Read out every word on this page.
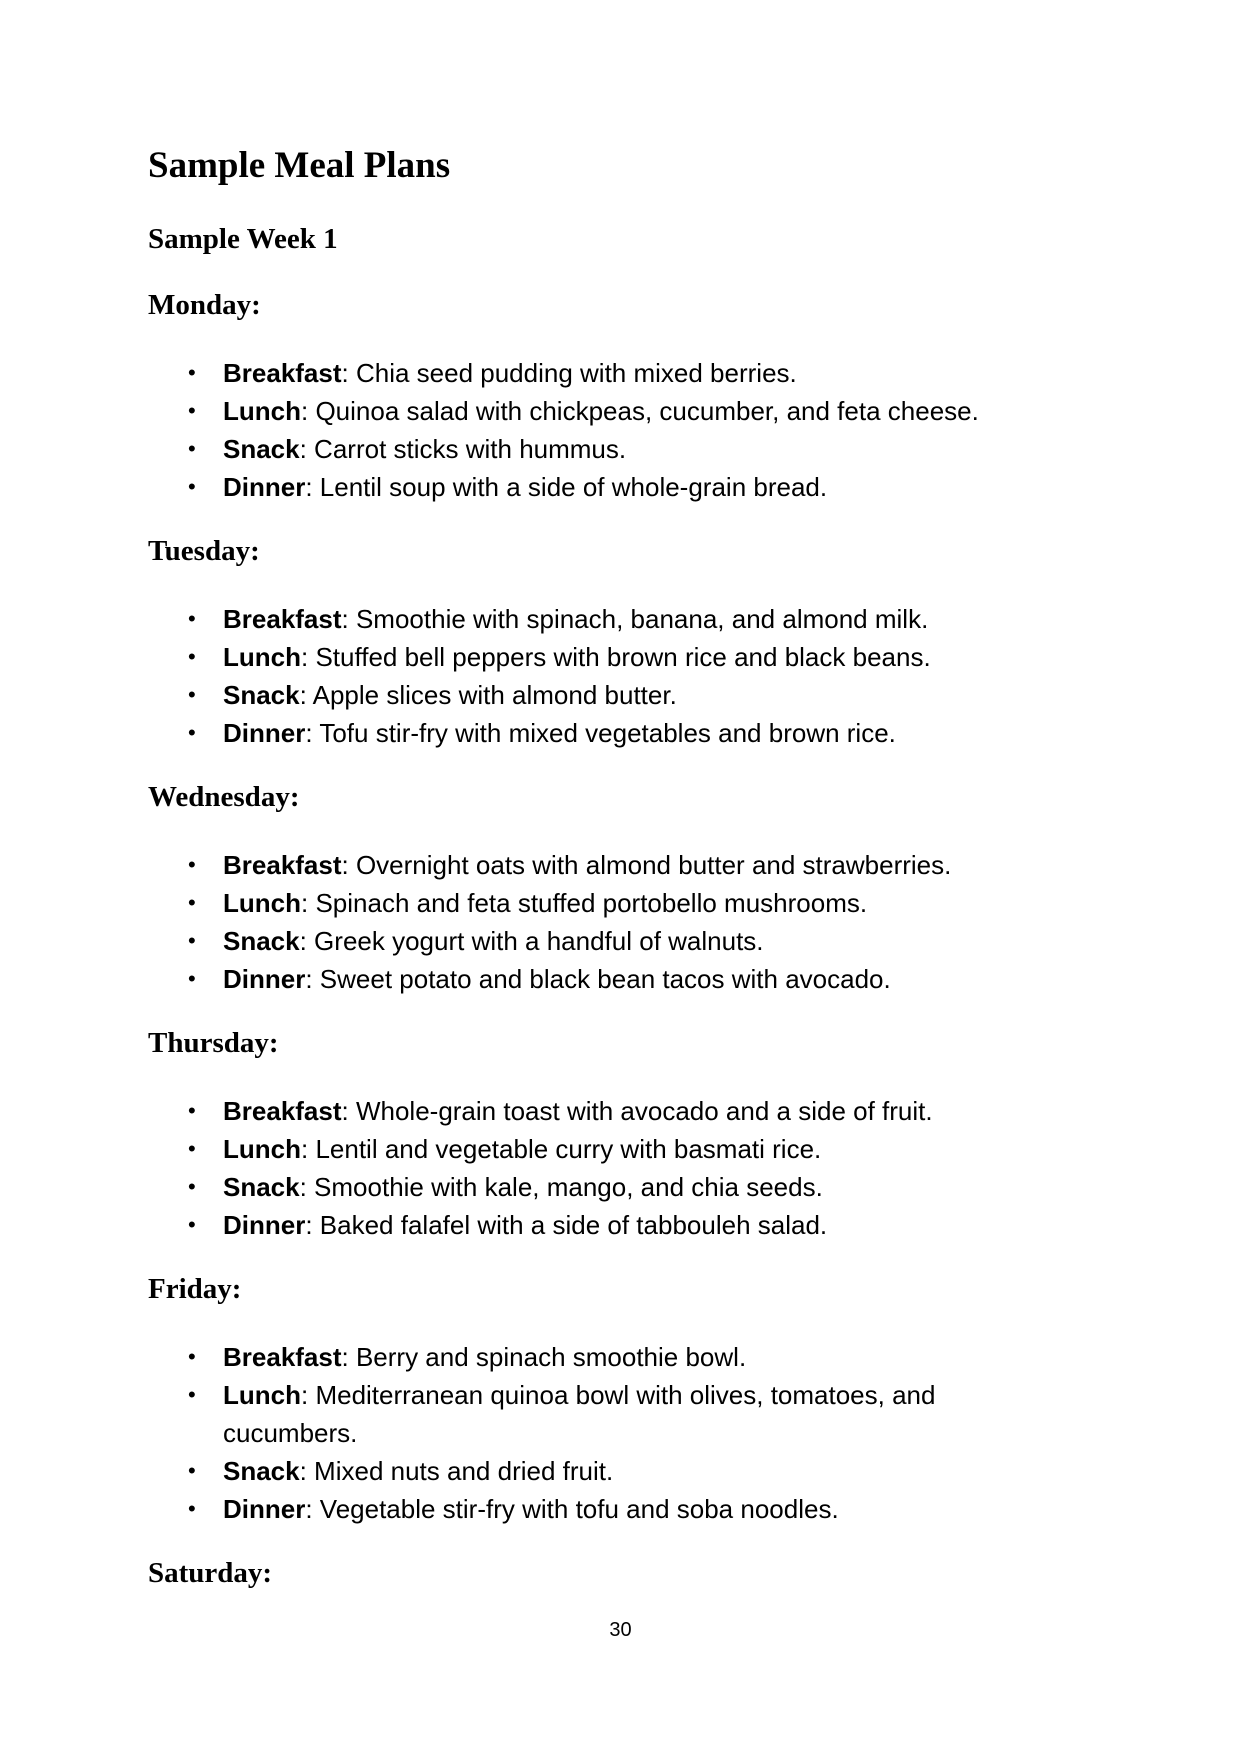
Sample Meal Plans
Sample Week 1
Monday:
• Breakfast: Chia seed pudding with mixed berries.
• Lunch: Quinoa salad with chickpeas, cucumber, and feta cheese.
• Snack: Carrot sticks with hummus.
• Dinner: Lentil soup with a side of whole-grain bread.
Tuesday:
• Breakfast: Smoothie with spinach, banana, and almond milk.
• Lunch: Stuffed bell peppers with brown rice and black beans.
• Snack: Apple slices with almond butter.
• Dinner: Tofu stir-fry with mixed vegetables and brown rice.
Wednesday:
• Breakfast: Overnight oats with almond butter and strawberries.
• Lunch: Spinach and feta stuffed portobello mushrooms.
• Snack: Greek yogurt with a handful of walnuts.
• Dinner: Sweet potato and black bean tacos with avocado.
Thursday:
• Breakfast: Whole-grain toast with avocado and a side of fruit.
• Lunch: Lentil and vegetable curry with basmati rice.
• Snack: Smoothie with kale, mango, and chia seeds.
• Dinner: Baked falafel with a side of tabbouleh salad.
Friday:
• Breakfast: Berry and spinach smoothie bowl.
• Lunch: Mediterranean quinoa bowl with olives, tomatoes, and cucumbers.
• Snack: Mixed nuts and dried fruit.
• Dinner: Vegetable stir-fry with tofu and soba noodles.
Saturday:

30
